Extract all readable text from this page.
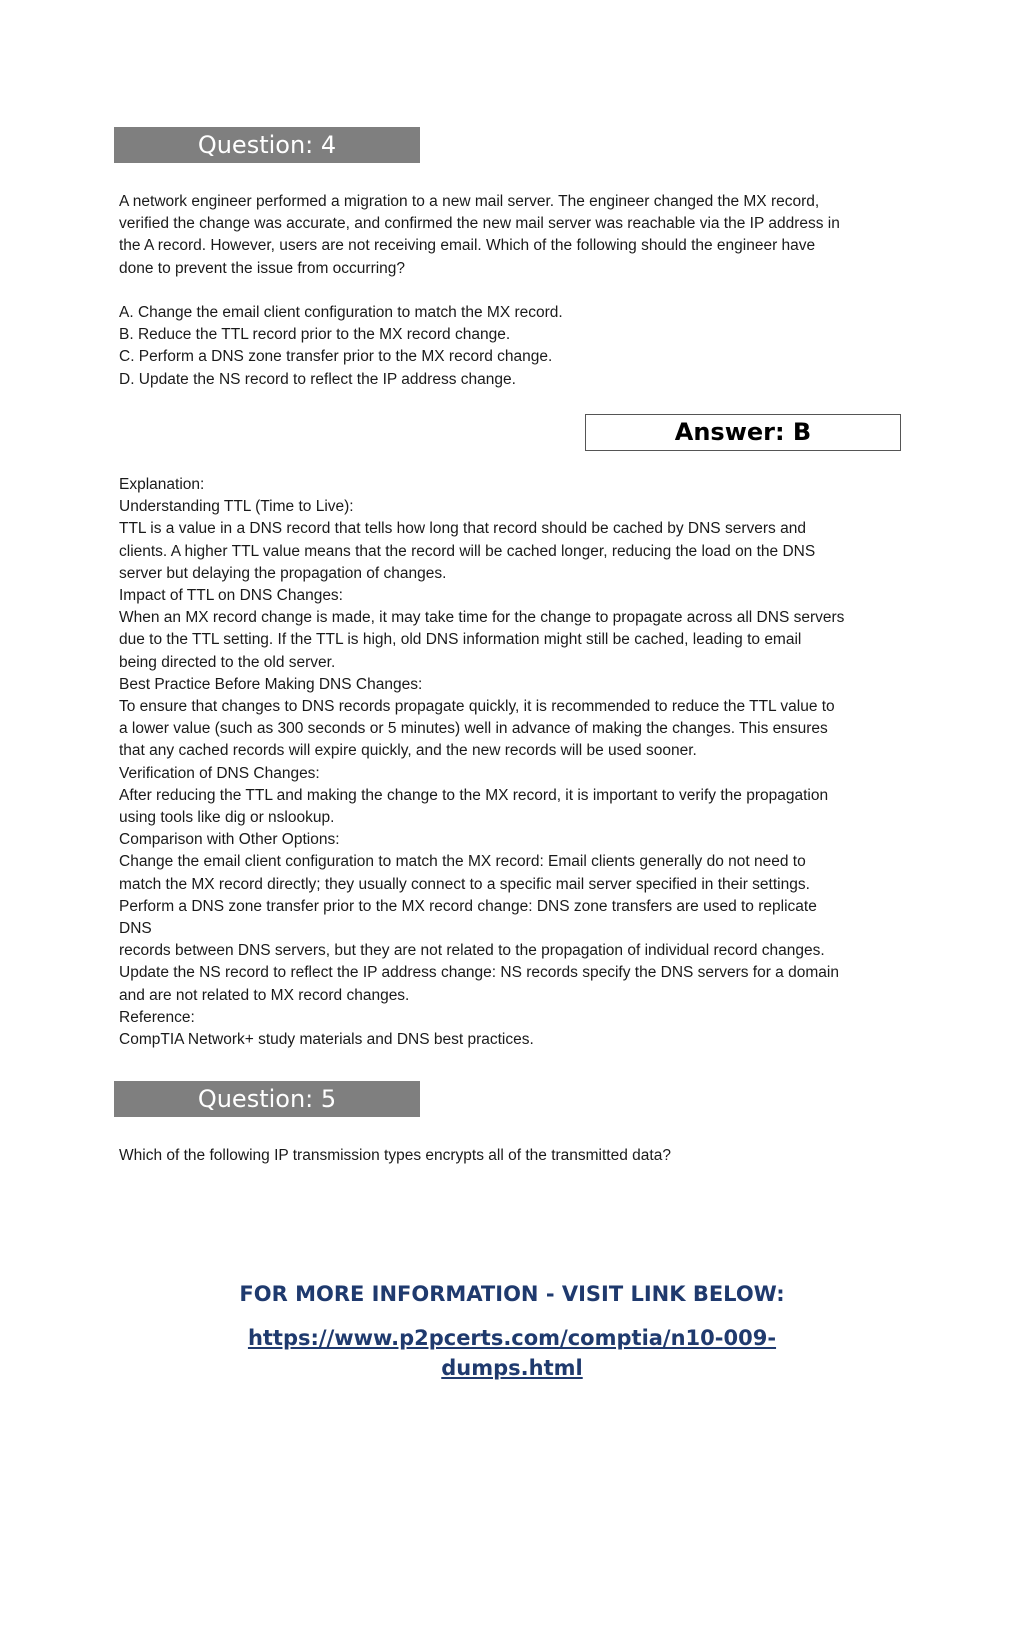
Question: 4

A network engineer performed a migration to a new mail server. The engineer changed the MX record,

verified the change was accurate, and confirmed the new mail server was reachable via the IP address in

the A record. However, users are not receiving email. Which of the following should the engineer have

done to prevent the issue from occurring?

A. Change the email client configuration to match the MX record.

B. Reduce the TTL record prior to the MX record change.

C. Perform a DNS zone transfer prior to the MX record change.

D. Update the NS record to reflect the IP address change.

Answer: B

Explanation:

Understanding TTL (Time to Live):

TTL is a value in a DNS record that tells how long that record should be cached by DNS servers and

clients. A higher TTL value means that the record will be cached longer, reducing the load on the DNS

server but delaying the propagation of changes.

Impact of TTL on DNS Changes:

When an MX record change is made, it may take time for the change to propagate across all DNS servers

due to the TTL setting. If the TTL is high, old DNS information might still be cached, leading to email

being directed to the old server.

Best Practice Before Making DNS Changes:

To ensure that changes to DNS records propagate quickly, it is recommended to reduce the TTL value to

a lower value (such as 300 seconds or 5 minutes) well in advance of making the changes. This ensures

that any cached records will expire quickly, and the new records will be used sooner.

Verification of DNS Changes:

After reducing the TTL and making the change to the MX record, it is important to verify the propagation

using tools like dig or nslookup.

Comparison with Other Options:

Change the email client configuration to match the MX record: Email clients generally do not need to

match the MX record directly; they usually connect to a specific mail server specified in their settings.

Perform a DNS zone transfer prior to the MX record change: DNS zone transfers are used to replicate

DNS

records between DNS servers, but they are not related to the propagation of individual record changes.

Update the NS record to reflect the IP address change: NS records specify the DNS servers for a domain

and are not related to MX record changes.

Reference:

CompTIA Network+ study materials and DNS best practices.

Question: 5

Which of the following IP transmission types encrypts all of the transmitted data?

FOR MORE INFORMATION - VISIT LINK BELOW:
https://www.p2pcerts.com/comptia/n10-009-
dumps.html
